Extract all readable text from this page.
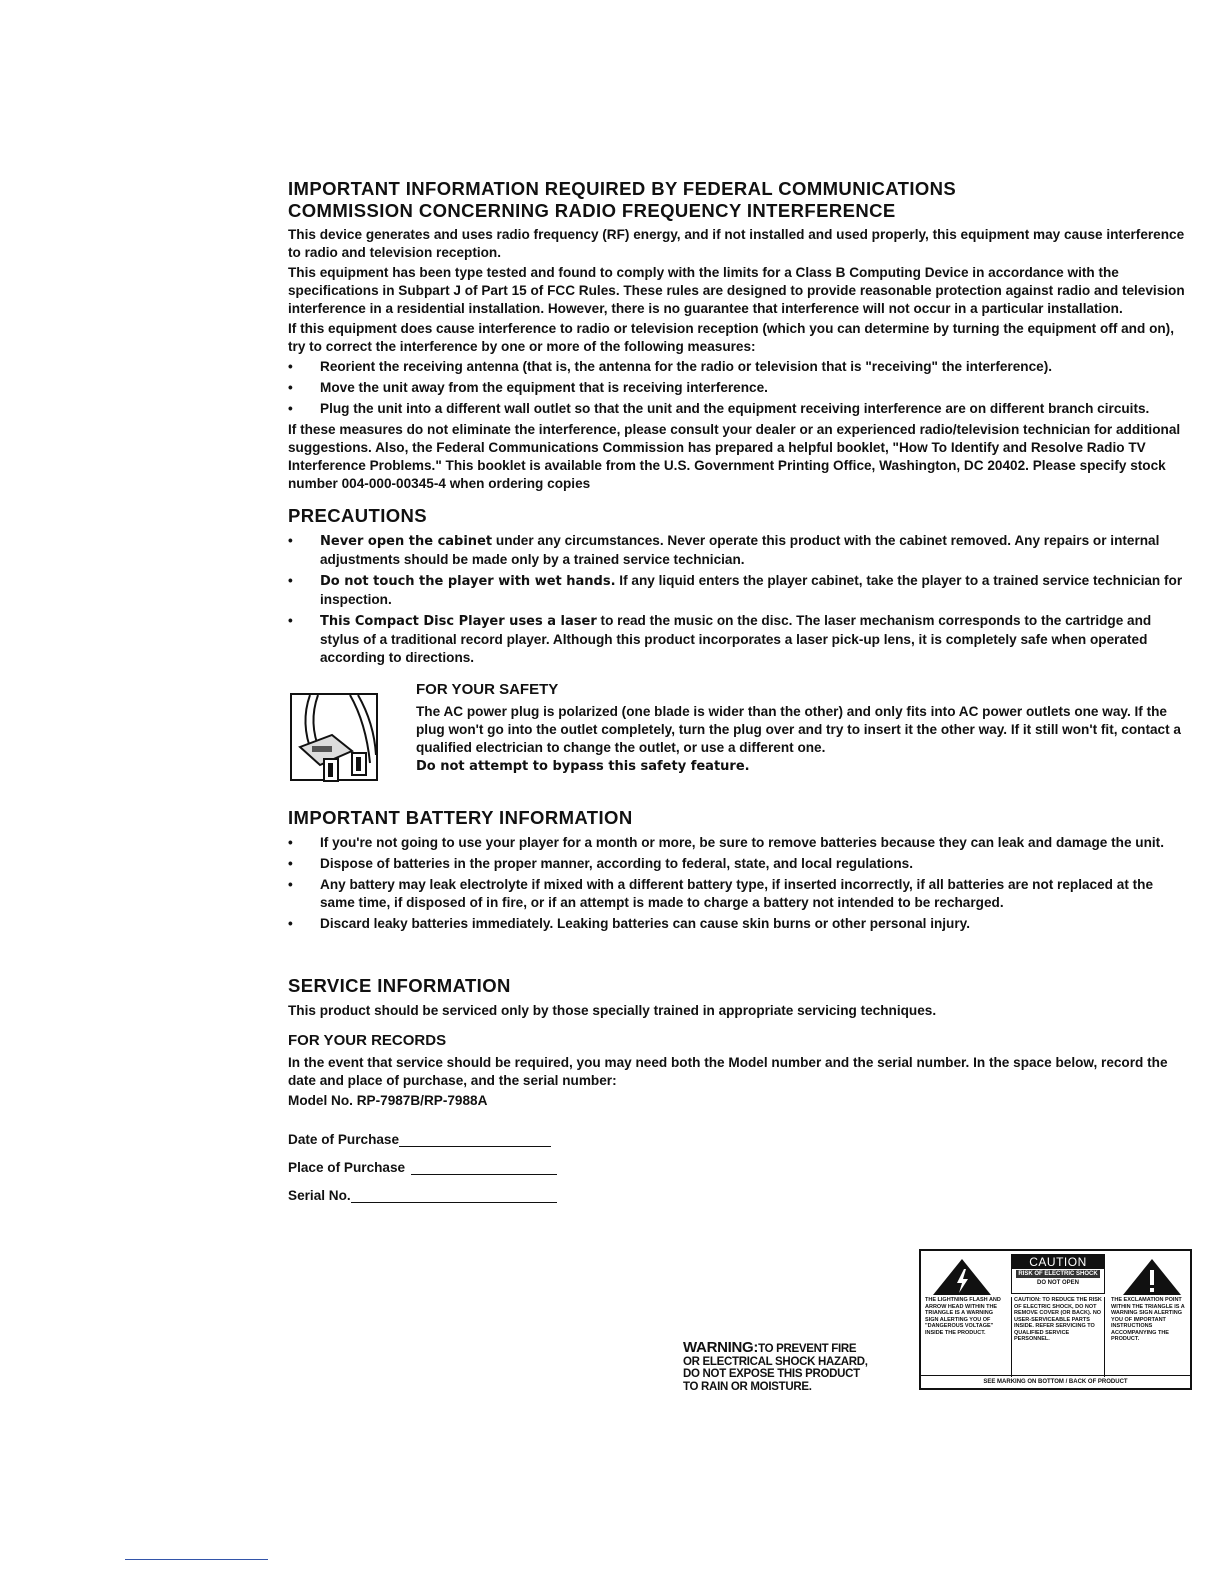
IMPORTANT INFORMATION REQUIRED BY FEDERAL COMMUNICATIONS
COMMISSION CONCERNING RADIO FREQUENCY INTERFERENCE

This device generates and uses radio frequency (RF) energy, and if not installed and used properly, this equipment may cause interference to radio and television reception.

This equipment has been type tested and found to comply with the limits for a Class B Computing Device in accordance with the specifications in Subpart J of Part 15 of FCC Rules. These rules are designed to provide reasonable protection against radio and television interference in a residential installation. However, there is no guarantee that interference will not occur in a particular installation.

If this equipment does cause interference to radio or television reception (which you can determine by turning the equipment off and on), try to correct the interference by one or more of the following measures:

• Reorient the receiving antenna (that is, the antenna for the radio or television that is "receiving" the interference).
• Move the unit away from the equipment that is receiving interference.
• Plug the unit into a different wall outlet so that the unit and the equipment receiving interference are on different branch circuits.

If these measures do not eliminate the interference, please consult your dealer or an experienced radio/television technician for additional suggestions. Also, the Federal Communications Commission has prepared a helpful booklet, "How To Identify and Resolve Radio TV Interference Problems." This booklet is available from the U.S. Government Printing Office, Washington, DC 20402. Please specify stock number 004-000-00345-4 when ordering copies

PRECAUTIONS
• Never open the cabinet under any circumstances. Never operate this product with the cabinet removed. Any repairs or internal adjustments should be made only by a trained service technician.
• Do not touch the player with wet hands. If any liquid enters the player cabinet, take the player to a trained service technician for inspection.
• This Compact Disc Player uses a laser to read the music on the disc. The laser mechanism corresponds to the cartridge and stylus of a traditional record player. Although this product incorporates a laser pick-up lens, it is completely safe when operated according to directions.
FOR YOUR SAFETY

The AC power plug is polarized (one blade is wider than the other) and only fits into AC power outlets one way. If the plug won't go into the outlet completely, turn the plug over and try to insert it the other way. If it still won't fit, contact a qualified electrician to change the outlet, or use a different one.
Do not attempt to bypass this safety feature.

IMPORTANT BATTERY INFORMATION
• If you're not going to use your player for a month or more, be sure to remove batteries because they can leak and damage the unit.
• Dispose of batteries in the proper manner, according to federal, state, and local regulations.
• Any battery may leak electrolyte if mixed with a different battery type, if inserted incorrectly, if all batteries are not replaced at the same time, if disposed of in fire, or if an attempt is made to charge a battery not intended to be recharged.
• Discard leaky batteries immediately. Leaking batteries can cause skin burns or other personal injury.
SERVICE INFORMATION

This product should be serviced only by those specially trained in appropriate servicing techniques.

FOR YOUR RECORDS

In the event that service should be required, you may need both the Model number and the serial number. In the space below, record the date and place of purchase, and the serial number:

Model No. RP-7987B/RP-7988A

Date of Purchase
Place of Purchase
Serial No.
WARNING:TO PREVENT FIRE
OR ELECTRICAL SHOCK HAZARD,
DO NOT EXPOSE THIS PRODUCT
TO RAIN OR MOISTURE.
CAUTION
RISK OF ELECTRIC SHOCK
DO NOT OPEN
THE LIGHTNING FLASH AND ARROW HEAD WITHIN THE TRIANGLE IS A WARNING SIGN ALERTING YOU OF "DANGEROUS VOLTAGE" INSIDE THE PRODUCT.
CAUTION: TO REDUCE THE RISK OF ELECTRIC SHOCK, DO NOT REMOVE COVER (OR BACK). NO USER-SERVICEABLE PARTS INSIDE. REFER SERVICING TO QUALIFIED SERVICE PERSONNEL.
THE EXCLAMATION POINT WITHIN THE TRIANGLE IS A WARNING SIGN ALERTING YOU OF IMPORTANT INSTRUCTIONS ACCOMPANYING THE PRODUCT.
SEE MARKING ON BOTTOM / BACK OF PRODUCT
